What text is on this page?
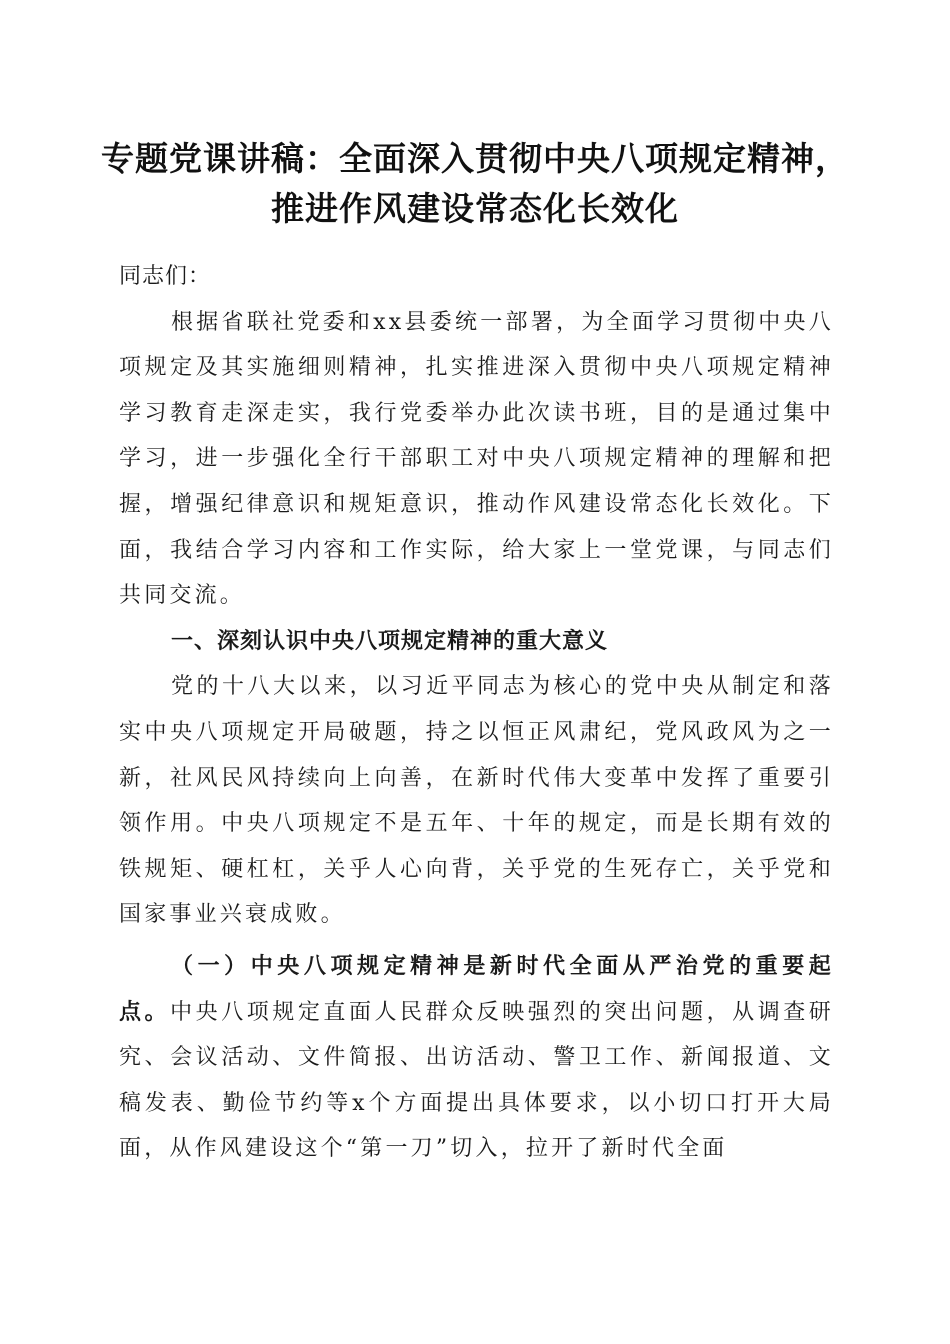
专题党课讲稿：全面深入贯彻中央八项规定精神，推进作风建设常态化长效化

同志们：

根据省联社党委和xx县委统一部署，为全面学习贯彻中央八项规定及其实施细则精神，扎实推进深入贯彻中央八项规定精神学习教育走深走实，我行党委举办此次读书班，目的是通过集中学习，进一步强化全行干部职工对中央八项规定精神的理解和把握，增强纪律意识和规矩意识，推动作风建设常态化长效化。下面，我结合学习内容和工作实际，给大家上一堂党课，与同志们共同交流。

一、深刻认识中央八项规定精神的重大意义

党的十八大以来，以习近平同志为核心的党中央从制定和落实中央八项规定开局破题，持之以恒正风肃纪，党风政风为之一新，社风民风持续向上向善，在新时代伟大变革中发挥了重要引领作用。中央八项规定不是五年、十年的规定，而是长期有效的铁规矩、硬杠杠，关乎人心向背，关乎党的生死存亡，关乎党和国家事业兴衰成败。

（一）中央八项规定精神是新时代全面从严治党的重要起点。中央八项规定直面人民群众反映强烈的突出问题，从调查研究、会议活动、文件简报、出访活动、警卫工作、新闻报道、文稿发表、勤俭节约等x个方面提出具体要求，以小切口打开大局面，从作风建设这个“第一刀”切入，拉开了新时代全面
